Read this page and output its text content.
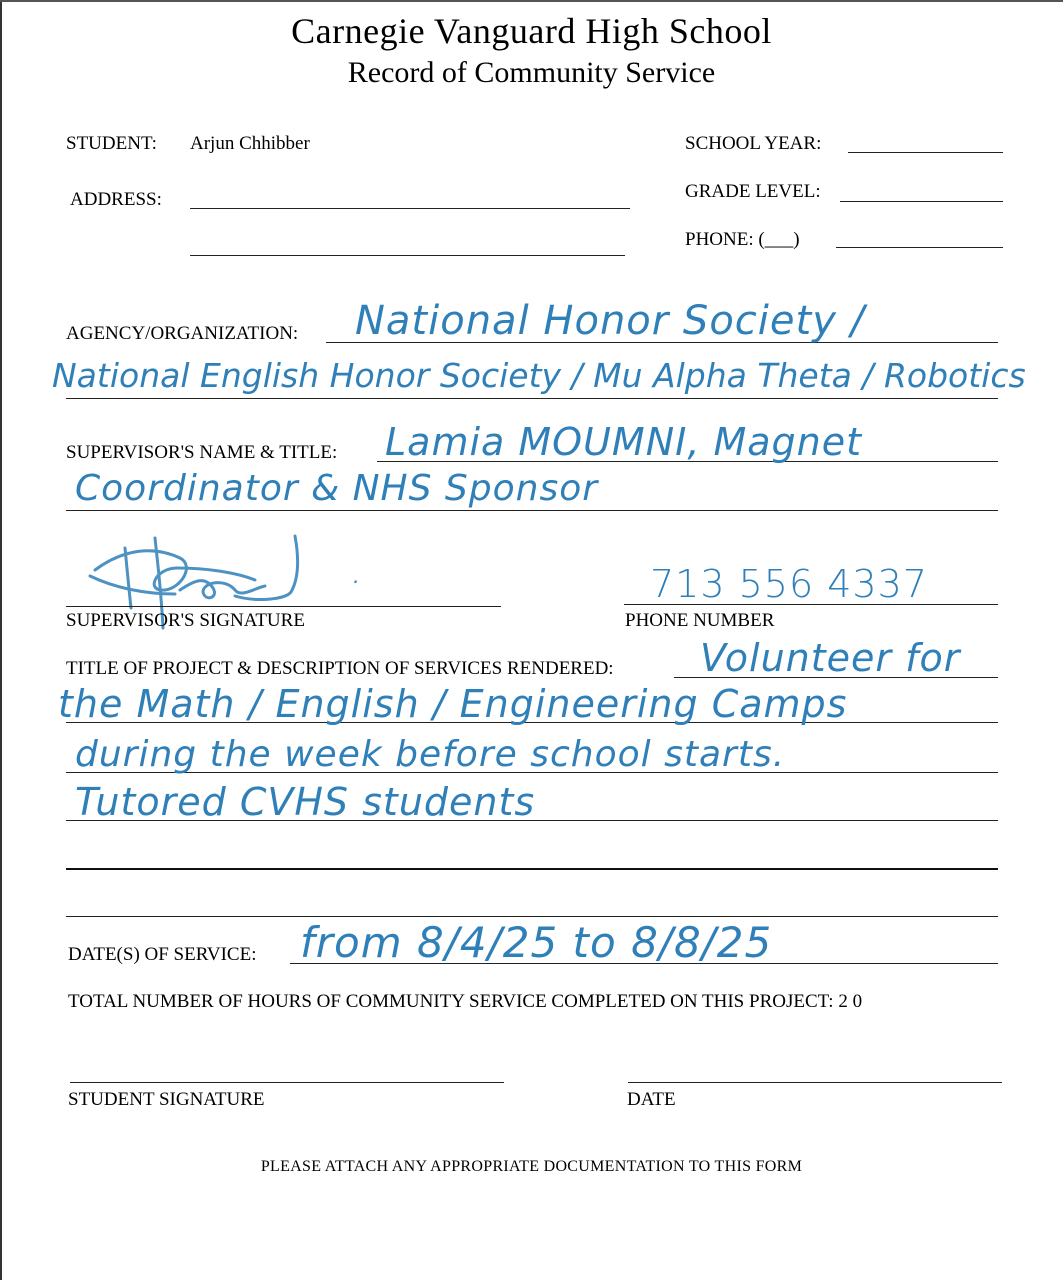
Carnegie Vanguard High School
Record of Community Service
STUDENT: Arjun Chhibber	SCHOOL YEAR:
ADDRESS:	GRADE LEVEL:
PHONE: (___)
AGENCY/ORGANIZATION: National Honor Society /
National English Honor Society / Mu Alpha Theta / Robotics
SUPERVISOR'S NAME & TITLE: Lamia MOUMNI, Magnet
Coordinator & NHS Sponsor
·
SUPERVISOR'S SIGNATURE
713 556 4337
PHONE NUMBER
TITLE OF PROJECT & DESCRIPTION OF SERVICES RENDERED: Volunteer for
the Math / English / Engineering Camps
during the week before school starts.
Tutored CVHS students
DATE(S) OF SERVICE: from 8/4/25 to 8/8/25
TOTAL NUMBER OF HOURS OF COMMUNITY SERVICE COMPLETED ON THIS PROJECT: 2 0
STUDENT SIGNATURE	DATE
PLEASE ATTACH ANY APPROPRIATE DOCUMENTATION TO THIS FORM
